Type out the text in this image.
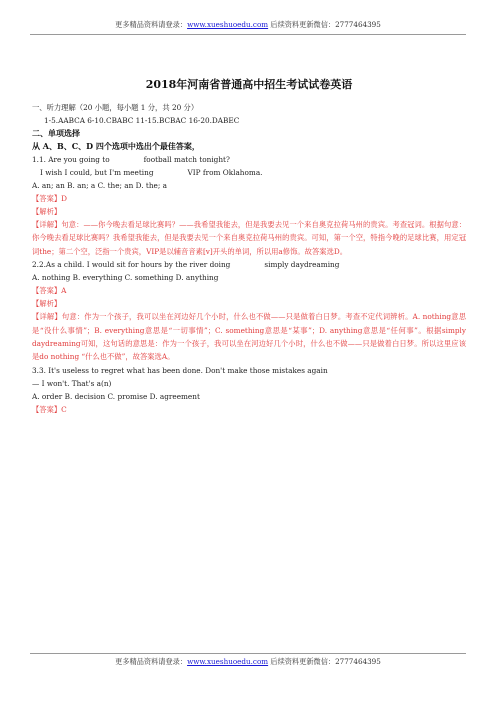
更多精品资料请登录：www.xueshuoedu.com 后续资料更新微信：2777464395
2018年河南省普通高中招生考试试卷英语

一、听力理解（20 小题，每小题 1 分，共 20 分）

1-5.AABCA 6-10.CBABC 11-15.BCBAC 16-20.DABEC

二、单项选择

从 A、B、C、D 四个选项中选出个最佳答案，

1.1. Are you going to	football match tonight?

I wish I could, but I'm meeting	VIP from Oklahoma.

A. an; an B. an; a C. the; an D. the; a

【答案】D

【解析】

【详解】句意：——你今晚去看足球比赛吗？——我希望我能去，但是我要去见一个来自奥克拉荷马州的贵宾。考查冠词。根据句意：你今晚去看足球比赛吗？我希望我能去，但是我要去见一个来自奥克拉荷马州的贵宾。可知，第一个空，特指今晚的足球比赛，用定冠词the；第二个空，泛指一个贵宾，VIP是以辅音音素[v]开头的单词，所以用a修饰。故答案选D。

2.2.As a child. I would sit for hours by the river doing	simply daydreaming

A. nothing B. everything C. something D. anything

【答案】A

【解析】

【详解】句意：作为一个孩子，我可以坐在河边好几个小时，什么也不做——只是做着白日梦。考查不定代词辨析。A. nothing意思是“没什么事情”；B. everything意思是“一切事情”；C. something意思是“某事”；D. anything意思是“任何事”。根据simply daydreaming可知，这句话的意思是：作为一个孩子，我可以坐在河边好几个小时，什么也不做——只是做着白日梦。所以这里应该是do nothing “什么也不做”，故答案选A。

3.3. It's useless to regret what has been done. Don't make those mistakes again

— I won't. That's a(n)

A. order B. decision C. promise D. agreement

【答案】C

更多精品资料请登录：www.xueshuoedu.com 后续资料更新微信：2777464395
